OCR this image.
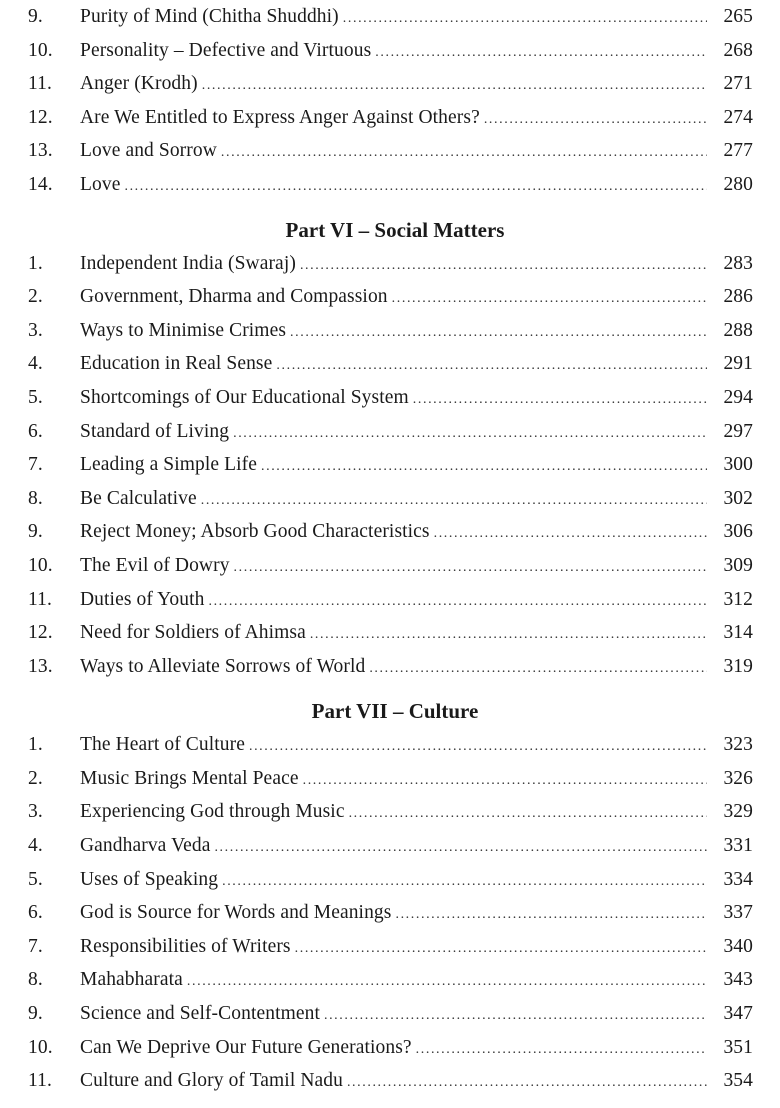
9.	Purity of Mind (Chitha Shuddhi) .....	265
10.	Personality – Defective and Virtuous .....	268
11.	Anger (Krodh) .....	271
12.	Are We Entitled to Express Anger Against Others? .....	274
13.	Love and Sorrow .....	277
14.	Love .....	280
Part VI – Social Matters
1.	Independent India (Swaraj) .....	283
2.	Government, Dharma and Compassion .....	286
3.	Ways to Minimise Crimes .....	288
4.	Education in Real Sense .....	291
5.	Shortcomings of Our Educational System .....	294
6.	Standard of Living .....	297
7.	Leading a Simple Life .....	300
8.	Be Calculative .....	302
9.	Reject Money; Absorb Good Characteristics .....	306
10.	The Evil of Dowry .....	309
11.	Duties of Youth .....	312
12.	Need for Soldiers of Ahimsa .....	314
13.	Ways to Alleviate Sorrows of World .....	319
Part VII – Culture
1.	The Heart of Culture .....	323
2.	Music Brings Mental Peace .....	326
3.	Experiencing God through Music .....	329
4.	Gandharva Veda .....	331
5.	Uses of Speaking .....	334
6.	God is Source for Words and Meanings .....	337
7.	Responsibilities of Writers .....	340
8.	Mahabharata .....	343
9.	Science and Self-Contentment .....	347
10.	Can We Deprive Our Future Generations? .....	351
11.	Culture and Glory of Tamil Nadu .....	354
